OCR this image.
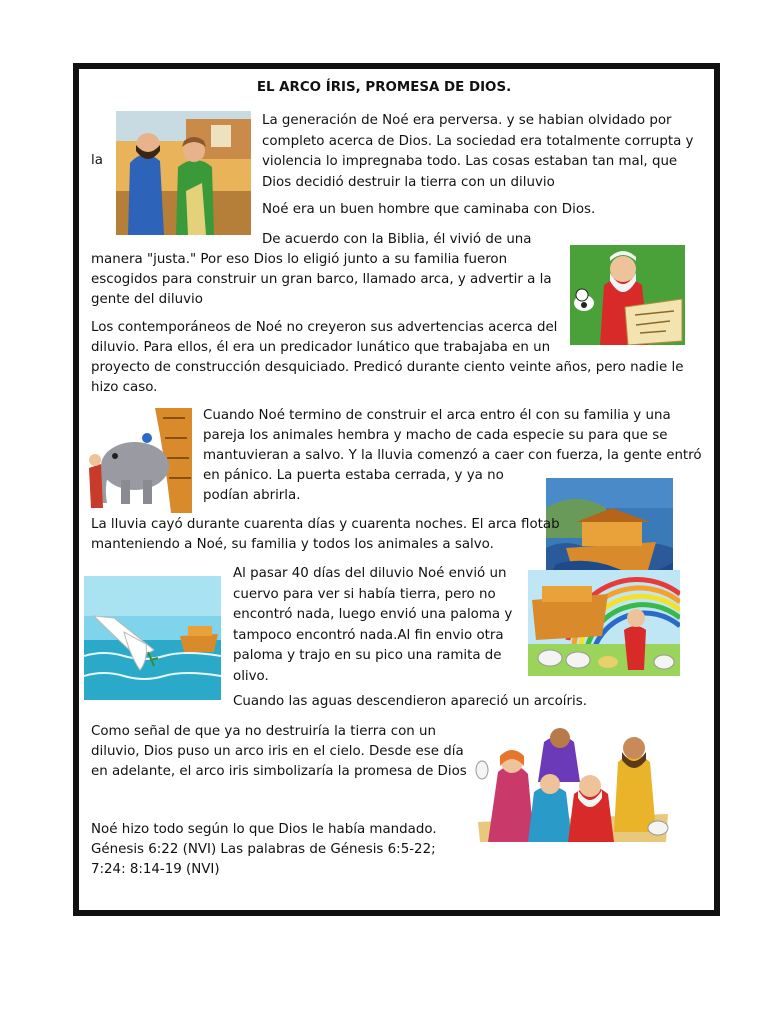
EL ARCO ÍRIS, PROMESA DE DIOS.
la
La generación de Noé era perversa. y se habian olvidado por
completo acerca de Dios. La sociedad era totalmente corrupta y
violencia lo impregnaba todo. Las cosas estaban tan mal, que
Dios decidió destruir la tierra con un diluvio
Noé era un buen hombre que caminaba con Dios.
De acuerdo con la Biblia, él vivió de una
manera "justa." Por eso Dios lo eligió junto a su familia fueron
escogidos para construir un gran barco, llamado arca, y advertir a la
gente del diluvio
Los contemporáneos de Noé no creyeron sus advertencias acerca del
diluvio. Para ellos, él era un predicador lunático que trabajaba en un
proyecto de construcción desquiciado. Predicó durante ciento veinte años, pero nadie le
hizo caso.
Cuando Noé termino de construir el arca entro él con su familia y una
pareja los animales hembra y macho de cada especie su para que se
mantuvieran a salvo. Y la lluvia comenzó a caer con fuerza, la gente entró
en pánico. La puerta estaba cerrada, y ya no
podían abrirla.
La lluvia cayó durante cuarenta días y cuarenta noches. El arca flotab
manteniendo a Noé, su familia y todos los animales a salvo.
Al pasar 40 días del diluvio Noé envió un
cuervo para ver si había tierra, pero no
encontró nada, luego envió una paloma y
tampoco encontró nada.Al fin envio otra
paloma y trajo en su pico una ramita de
olivo.
Cuando las aguas descendieron apareció un arcoíris.
Como señal de que ya no destruiría la tierra con un
diluvio, Dios puso un arco iris en el cielo. Desde ese día
en adelante, el arco iris simbolizaría la promesa de Dios
Noé hizo todo según lo que Dios le había mandado.
Génesis 6:22 (NVI) Las palabras de Génesis 6:5-22;
7:24: 8:14-19 (NVI)
